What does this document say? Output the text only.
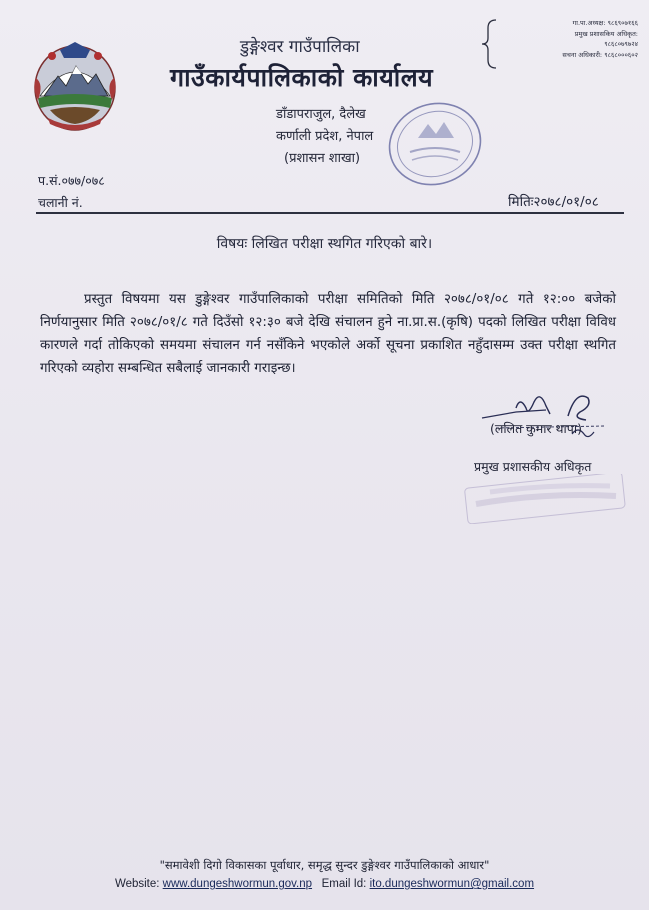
डुङ्गेश्वर गाउँपालिका
गाउँकार्यपालिकाको कार्यालय
डाँडापराजुल, दैलेख
कर्णाली प्रदेश, नेपाल
(प्रशासन शाखा)
गा.पा.अध्यक्ष: ९८६९०७१६६
प्रमुख प्रशासकिय अधिकृत:
९८६८०७९७२४
सचना अधिकारी: ९८६८०००६०२
प.सं.०७७/०७८
चलानी नं.	मितिः२०७८/०१/०८
विषयः लिखित परीक्षा स्थगित गरिएको बारे।

प्रस्तुत विषयमा यस डुङ्गेश्वर गाउँपालिकाको परीक्षा समितिको मिति २०७८/०१/०८ गते १२:०० बजेको निर्णयानुसार मिति २०७८/०१/८ गते दिउँसो १२:३० बजे देखि संचालन हुने ना.प्रा.स.(कृषि) पदको लिखित परीक्षा विविध कारणले गर्दा तोकिएको समयमा संचालन गर्न नसँकिने भएकोले अर्को सूचना प्रकाशित नहुँदासम्म उक्त परीक्षा स्थगित गरिएको व्यहोरा सम्बन्धित सबैलाई जानकारी गराइन्छ।

(ललित कुमार थापा)
प्रमुख प्रशासकीय अधिकृत
"समावेशी दिगो विकासका पूर्वाधार, समृद्ध सुन्दर डुङ्गेश्वर गाउँपालिकाको आधार"
Website: www.dungeshwormun.gov.np Email Id: ito.dungeshwormun@gmail.com
